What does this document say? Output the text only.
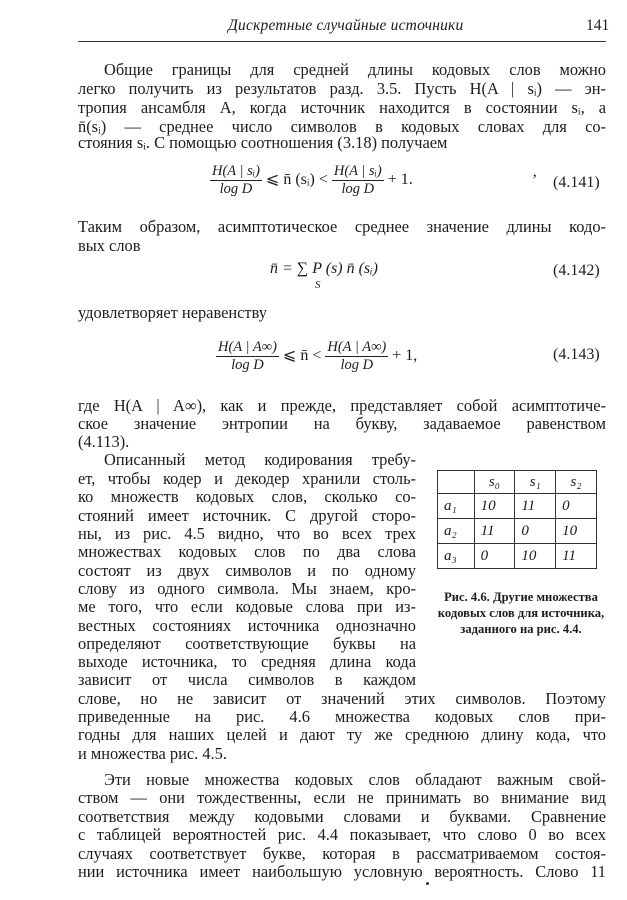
Дискретные случайные источники	141
Общие границы для средней длины кодовых слов можно
легко получить из результатов разд. 3.5. Пусть H(A | sᵢ) — эн-
тропия ансамбля A, когда источник находится в состоянии sᵢ, а
n̄(sᵢ) — среднее число символов в кодовых словах для со-
стояния sᵢ. С помощью соотношения (3.18) получаем
$\frac{\text{H(A | sᵢ)}}{\text{log D}}$ ⩽ n̄ (sᵢ) < $\frac{\text{H(A | sᵢ)}}{\text{log D}} + 1$.	’ (4.141)
Таким образом, асимптотическое среднее значение длины кодо-
вых слов
n̄ = ∑ P (s) n̄ (sᵢ)
S
(4.142)
удовлетворяет неравенству
$\frac{H(A | A\infty)}{\text{log D}}$ ⩽ n̄ < $\frac{H(A | A\infty)}{\text{log D}} + 1$,	(4.143)
где H(A | A∞), как и прежде, представляет собой асимптотиче-
ское значение энтропии на букву, задаваемое равенством
(4.113).
Описанный метод кодирования требу-
ет, чтобы кодер и декодер хранили столь-
ко множеств кодовых слов, сколько со-
стояний имеет источник. С другой сторо-
ны, из рис. 4.5 видно, что во всех трех
множествах кодовых слов по два слова
состоят из двух символов и по одному
слову из одного символа. Мы знаем, кро-
ме того, что если кодовые слова при из-
вестных состояниях источника однозначно
определяют соответствующие буквы на
выходе источника, то средняя длина кода
зависит от числа символов в каждом
слове, но не зависит от значений этих символов. Поэтому
приведенные на рис. 4.6 множества кодовых слов при-
годны для наших целей и дают ту же среднюю длину кода, что
и множества рис. 4.5.
Эти новые множества кодовых слов обладают важным свой-
ством — они тождественны, если не принимать во внимание вид
соответствия между кодовыми словами и буквами. Сравнение
с таблицей вероятностей рис. 4.4 показывает, что слово 0 во всех
случаях соответствует букве, которая в рассматриваемом состоя-
нии источника имеет наибольшую условную вероятность. Слово 11
	s₀	s₁	s₂
a₁	10	11	0
a₂	11	0	10
a₃	0	10	11
Рис. 4.6. Другие множества кодовых слов для источника, заданного на рис. 4.4.
